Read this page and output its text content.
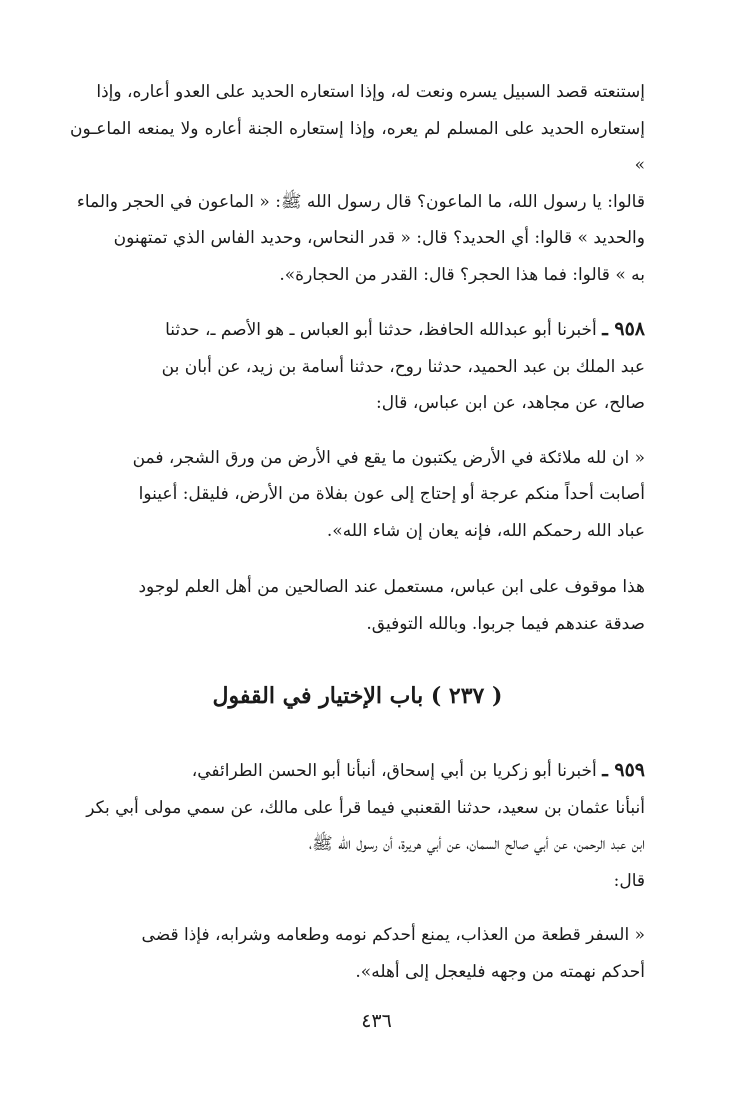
إستنعته قصد السبيل يسره ونعت له، وإذا استعاره الحديد على العدو أعاره، وإذا
إستعاره الحديد على المسلم لم يعره، وإذا إستعاره الجنة أعاره ولا يمنعه الماعـون »
قالوا: يا رسول الله، ما الماعون؟ قال رسول الله ﷺ: « الماعون في الحجر والماء
والحديد » قالوا: أي الحديد؟ قال: « قدر النحاس، وحديد الفاس الذي تمتهنون
به » قالوا: فما هذا الحجر؟ قال: القدر من الحجارة».

٩٥٨ ـ أخبرنا أبو عبدالله الحافظ، حدثنا أبو العباس ـ هو الأصم ـ، حدثنا
عبد الملك بن عبد الحميد، حدثنا روح، حدثنا أسامة بن زيد، عن أبان بن
صالح، عن مجاهد، عن ابن عباس، قال:

« ان لله ملائكة في الأرض يكتبون ما يقع في الأرض من ورق الشجر، فمن
أصابت أحداً منكم عرجة أو إحتاج إلى عون بفلاة من الأرض، فليقل: أعينوا
عباد الله رحمكم الله، فإنه يعان إن شاء الله».

هذا موقوف على ابن عباس، مستعمل عند الصالحين من أهل العلم لوجود
صدقة عندهم فيما جربوا. وبالله التوفيق.

( ٢٣٧ ) باب الإختيار في القفول

٩٥٩ ـ أخبرنا أبو زكريا بن أبي إسحاق، أنبأنا أبو الحسن الطرائفي،
أنبأنا عثمان بن سعيد، حدثنا القعنبي فيما قرأ على مالك، عن سمي مولى أبي بكر
ابن عبد الرحمن، عن أبي صالح السمان، عن أبي هريرة، أن رسول الله ﷺ،
قال:

« السفر قطعة من العذاب، يمنع أحدكم نومه وطعامه وشرابه، فإذا قضى
أحدكم نهمته من وجهه فليعجل إلى أهله».

٤٣٦
